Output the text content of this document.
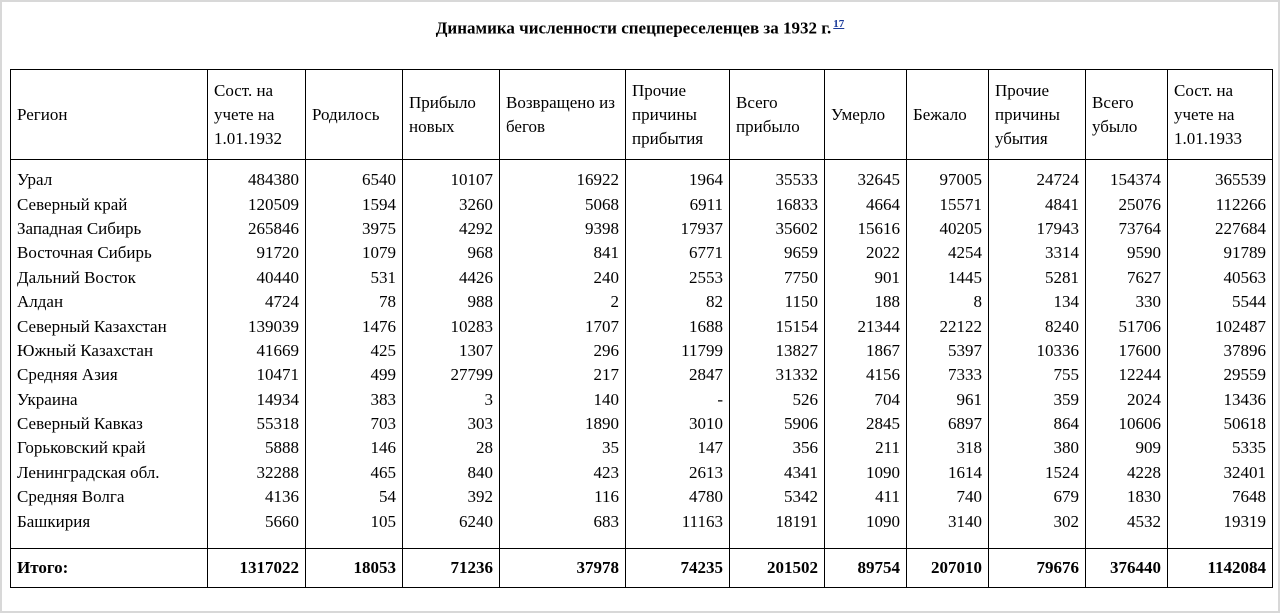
Динамика численности спецпереселенцев за 1932 г. $^{17}$
Регион	Сост. на учете на 1.01.1932	Родилось	Прибыло новых	Возвращено из бегов	Прочие причины прибытия	Всего прибыло	Умерло	Бежало	Прочие причины убытия	Всего убыло	Сост. на учете на 1.01.1933
Урал	484380	6540	10107	16922	1964	35533	32645	97005	24724	154374	365539
Северный край	120509	1594	3260	5068	6911	16833	4664	15571	4841	25076	112266
Западная Сибирь	265846	3975	4292	9398	17937	35602	15616	40205	17943	73764	227684
Восточная Сибирь	91720	1079	968	841	6771	9659	2022	4254	3314	9590	91789
Дальний Восток	40440	531	4426	240	2553	7750	901	1445	5281	7627	40563
Алдан	4724	78	988	2	82	1150	188	8	134	330	5544
Северный Казахстан	139039	1476	10283	1707	1688	15154	21344	22122	8240	51706	102487
Южный Казахстан	41669	425	1307	296	11799	13827	1867	5397	10336	17600	37896
Средняя Азия	10471	499	27799	217	2847	31332	4156	7333	755	12244	29559
Украина	14934	383	3	140	-	526	704	961	359	2024	13436
Северный Кавказ	55318	703	303	1890	3010	5906	2845	6897	864	10606	50618
Горьковский край	5888	146	28	35	147	356	211	318	380	909	5335
Ленинградская обл.	32288	465	840	423	2613	4341	1090	1614	1524	4228	32401
Средняя Волга	4136	54	392	116	4780	5342	411	740	679	1830	7648
Башкирия	5660	105	6240	683	11163	18191	1090	3140	302	4532	19319
Итого:	1317022	18053	71236	37978	74235	201502	89754	207010	79676	376440	1142084
